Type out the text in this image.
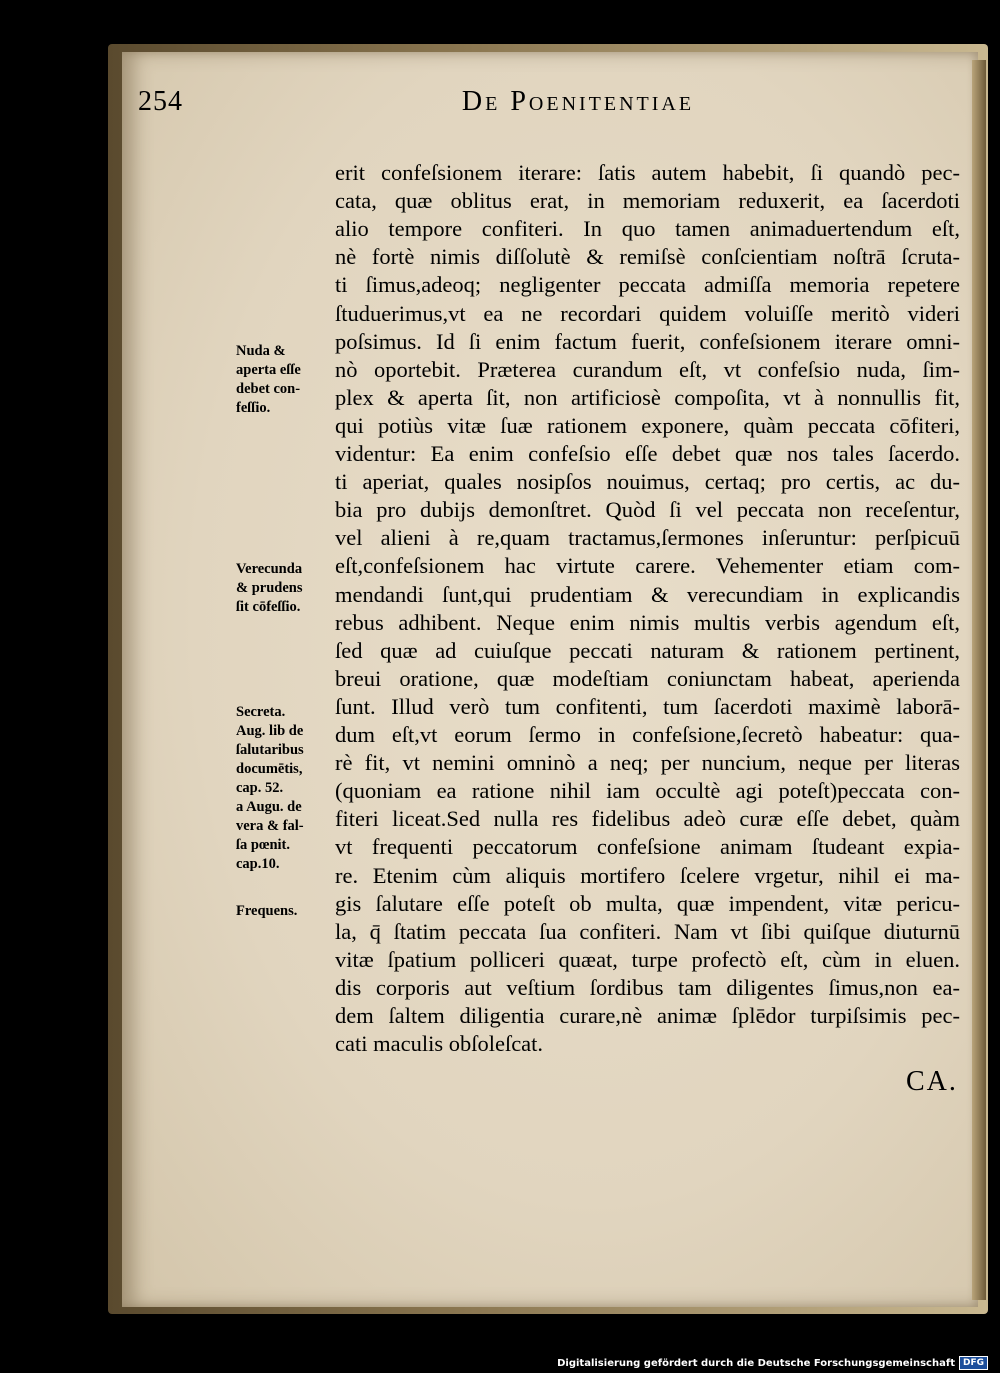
254	De Poenitentiae
erit confeſsionem iterare: ſatis autem habebit, ſi quandò pec-
cata, quæ oblitus erat, in memoriam reduxerit, ea ſacerdoti
alio tempore confiteri. In quo tamen animaduertendum eſt,
nè fortè nimis diſſolutè & remiſsè conſcientiam noſtrā ſcruta-
ti ſimus,adeoq; negligenter peccata admiſſa memoria repetere
ſtuduerimus,vt ea ne recordari quidem voluiſſe meritò videri
poſsimus. Id ſi enim factum fuerit, confeſsionem iterare omni-
nò oportebit. Præterea curandum eſt, vt confeſsio nuda, ſim-
plex & aperta ſit, non artificiosè compoſita, vt à nonnullis fit,
qui potiùs vitæ ſuæ rationem exponere, quàm peccata cōfiteri,
videntur: Ea enim confeſsio eſſe debet quæ nos tales ſacerdo.
ti aperiat, quales nosipſos nouimus, certaq; pro certis, ac du-
bia pro dubijs demonſtret. Quòd ſi vel peccata non receſentur,
vel alieni à re,quam tractamus,ſermones inſeruntur: perſpicuū
eſt,confeſsionem hac virtute carere. Vehementer etiam com-
mendandi ſunt,qui prudentiam & verecundiam in explicandis
rebus adhibent. Neque enim nimis multis verbis agendum eſt,
ſed quæ ad cuiuſque peccati naturam & rationem pertinent,
breui oratione, quæ modeſtiam coniunctam habeat, aperienda
ſunt. Illud verò tum confitenti, tum ſacerdoti maximè laborā-
dum eſt,vt eorum ſermo in confeſsione,ſecretò habeatur: qua-
rè fit, vt nemini omninò a neq; per nuncium, neque per literas
(quoniam ea ratione nihil iam occultè agi poteſt)peccata con-
fiteri liceat.Sed nulla res fidelibus adeò curæ eſſe debet, quàm
vt frequenti peccatorum confeſsione animam ſtudeant expia-
re. Etenim cùm aliquis mortifero ſcelere vrgetur, nihil ei ma-
gis ſalutare eſſe poteſt ob multa, quæ impendent, vitæ pericu-
la, q̄ ſtatim peccata ſua confiteri. Nam vt ſibi quiſque diuturnū
vitæ ſpatium polliceri quæat, turpe profectò eſt, cùm in eluen.
dis corporis aut veſtium ſordibus tam diligentes ſimus,non ea-
dem ſaltem diligentia curare,nè animæ ſplēdor turpiſsimis pec-
cati maculis obſoleſcat.
Nuda &
aperta eſſe
debet con-
feſſio.
Verecunda
& prudens
ſit cōfeſſio.
Secreta.
Aug. lib de
ſalutaribus
documētis,
cap. 52.
a Augu. de
vera & fal-
ſa pœnit.
cap.10.
Frequens.
CA.
Digitalisierung gefördert durch die Deutsche Forschungsgemeinschaft DFG
